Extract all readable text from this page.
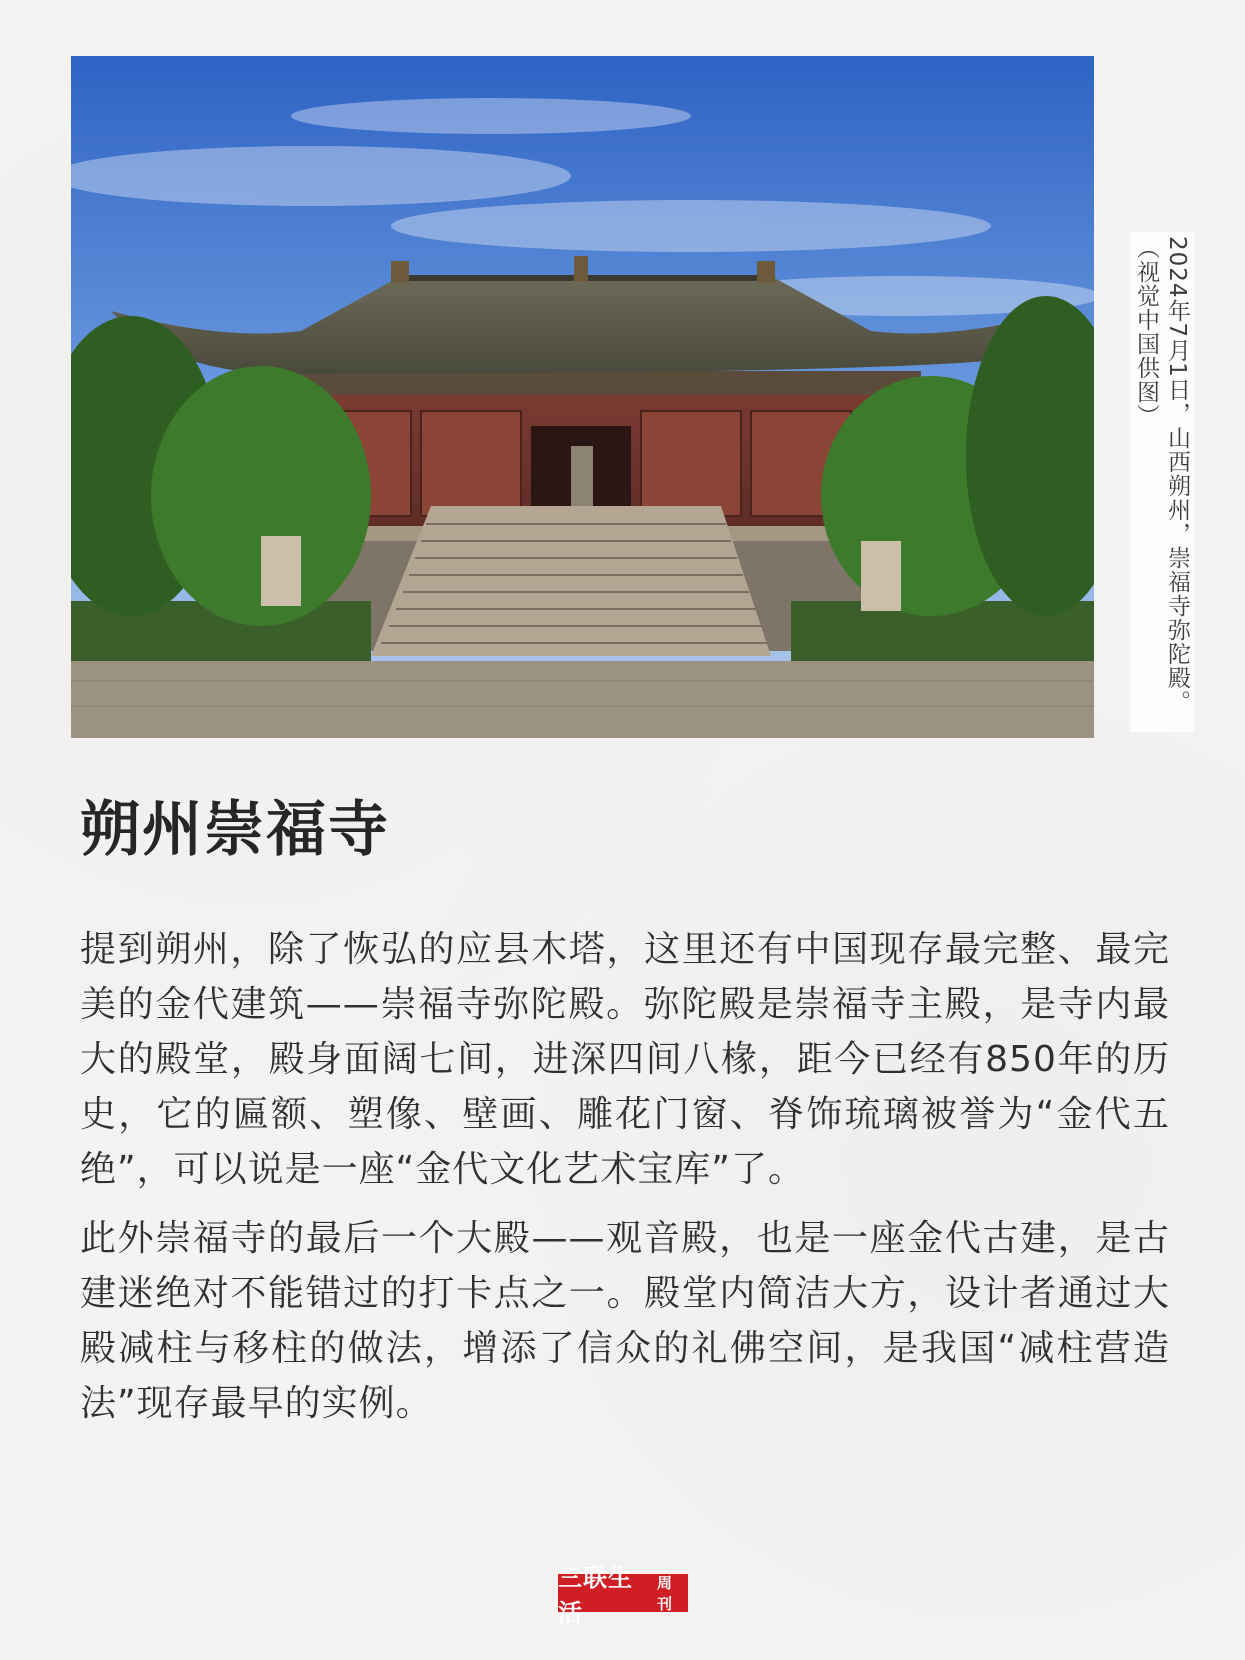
2024年7月1日，山西朔州，崇福寺弥陀殿。
（视觉中国供图）
朔州崇福寺

提到朔州，除了恢弘的应县木塔，这里还有中国现存最完整、最完美的金代建筑——崇福寺弥陀殿。弥陀殿是崇福寺主殿，是寺内最大的殿堂，殿身面阔七间，进深四间八椽，距今已经有850年的历史，它的匾额、塑像、壁画、雕花门窗、脊饰琉璃被誉为“金代五绝”，可以说是一座“金代文化艺术宝库”了。

此外崇福寺的最后一个大殿——观音殿，也是一座金代古建，是古建迷绝对不能错过的打卡点之一。殿堂内简洁大方，设计者通过大殿减柱与移柱的做法，增添了信众的礼佛空间，是我国“减柱营造法”现存最早的实例。

三联生活
周刊
